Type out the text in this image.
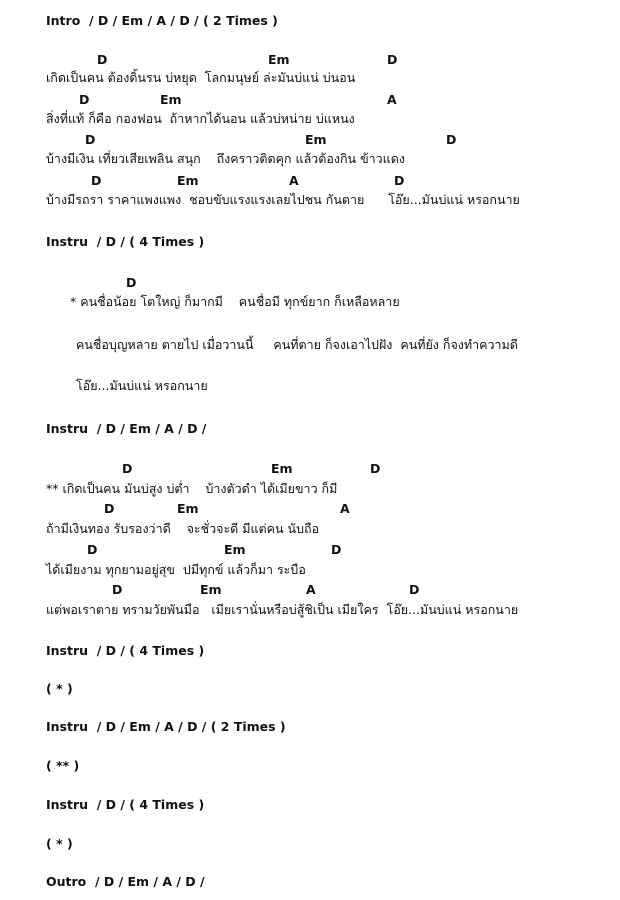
Intro  / D / Em / A / D / ( 2 Times )
D	Em	D
เกิดเป็นคน ต้องดิ้นรน บ่หยุด  โลกมนุษย์ ล่ะมันบ่แน่ บ่นอน
D	Em	A
สิ่งที่แท้ ก็คือ กองฟอน  ถ้าหากได้นอน แล้วบ่หน่าย บ่แหนง
D	Em	D
บ้างมีเงิน เที่ยวเสียเพลิน สนุก    ถึงคราวติดคุก แล้วต้องกิน ข้าวแดง
D	Em	A	D
บ้างมีรถรา ราคาแพงแพง  ชอบขับแรงแรงเลยไปชน กันตาย      โอ๊ย...มันบ่แน่ หรอกนาย
Instru  / D / ( 4 Times )
D
* คนชื่อน้อย โตใหญ่ ก็มากมี    คนชื่อมี ทุกข์ยาก ก็เหลือหลาย
คนชื่อบุญหลาย ตายไป เมื่อวานนี้     คนที่ตาย ก็จงเอาไปฝัง  คนที่ยัง ก็จงทำความดี
โอ๊ย...มันบ่แน่ หรอกนาย
Instru  / D / Em / A / D /
D	Em	D
** เกิดเป็นคน มันบ่สูง บ่ต่ำ    บ้างตัวดำ ได้เมียขาว ก็มี
D	Em	A
ถ้ามีเงินทอง รับรองว่าดี    จะชั่วจะดี มีแต่คน นับถือ
D	Em	D
ได้เมียงาม ทุกยามอยู่สุข  ปมีทุกข์ แล้วก็มา ระบือ
D	Em	A	D
แต่พอเราตาย ทรามวัยพันมือ   เมียเรานั่นหรือบ่สู้ชิเป็น เมียใคร  โอ๊ย...มันบ่แน่ หรอกนาย
Instru  / D / ( 4 Times )
( * )
Instru  / D / Em / A / D / ( 2 Times )
( ** )
Instru  / D / ( 4 Times )
( * )
Outro  / D / Em / A / D /
